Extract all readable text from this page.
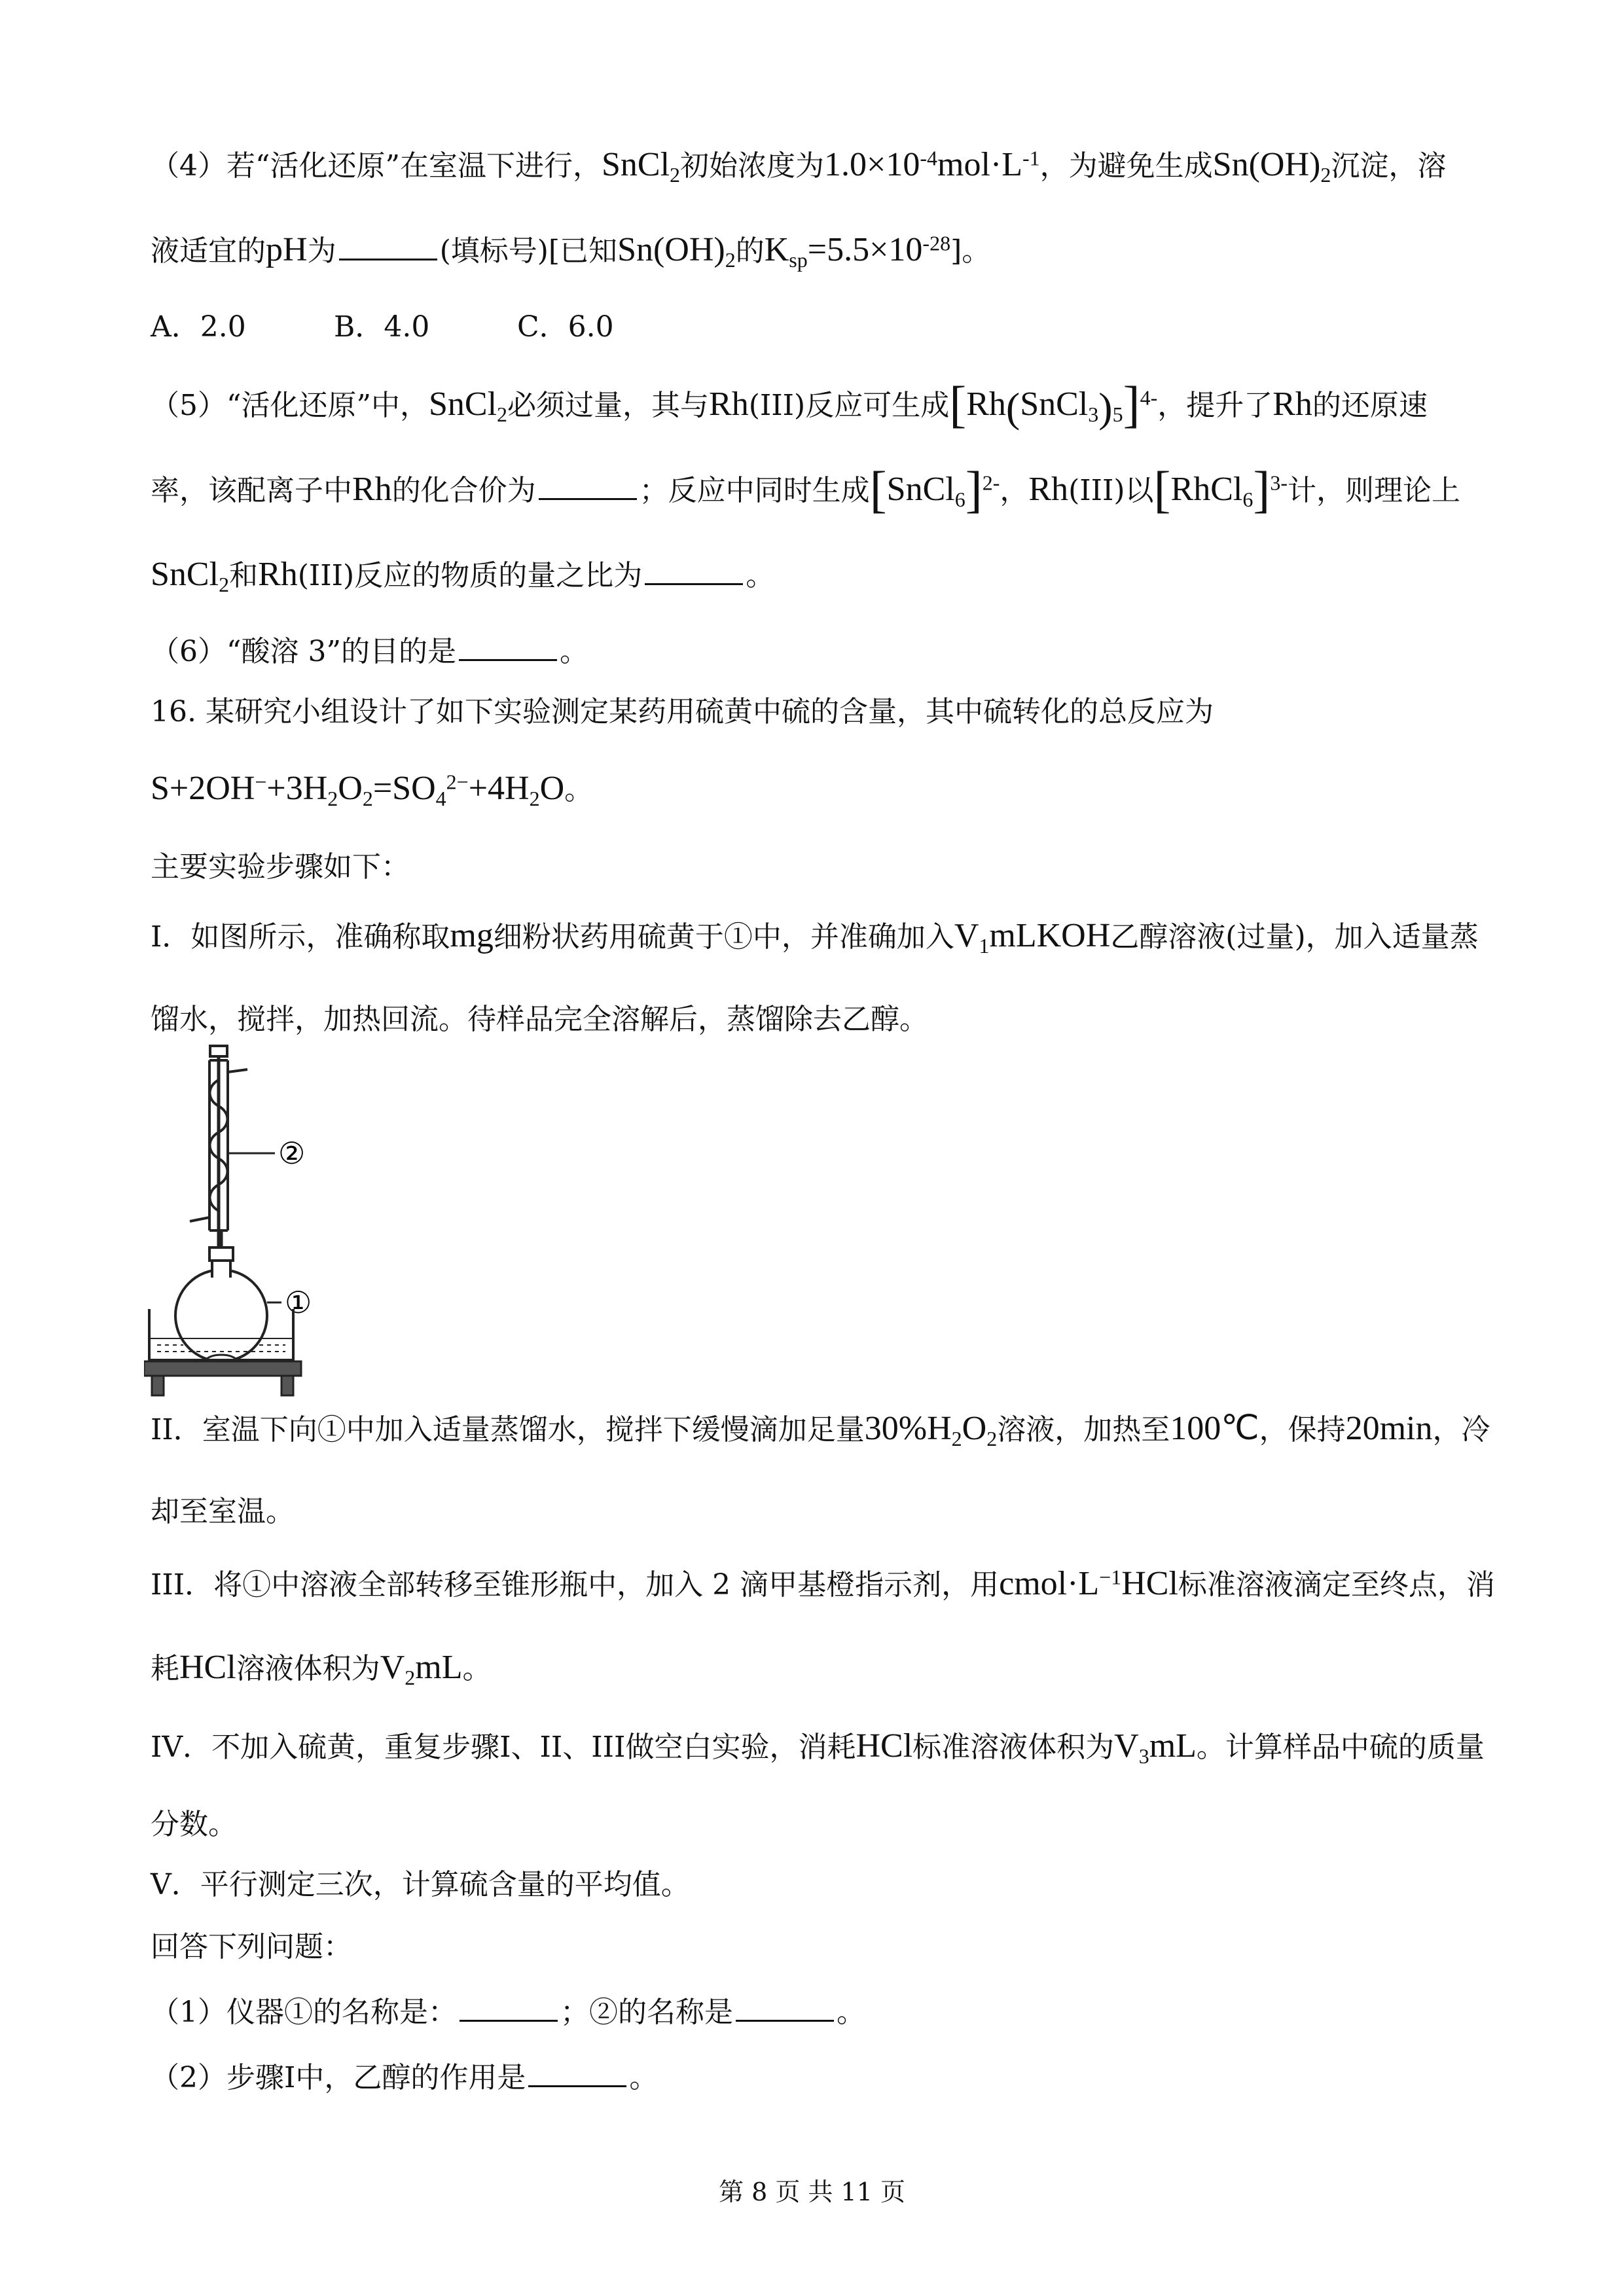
（4）若“活化还原”在室温下进行，SnCl$_2$初始浓度为$1.0\times 10^{-4}mol\cdot L^{-1}$，为避免生成$Sn(OH)_2$沉淀，溶
液适宜的pH为	(填标号)[已知$Sn(OH)_2$的$K_{sp}=5.5\times 10^{-28}$]。
A．2.0	B．4.0	C．6.0
（5）“活化还原”中，SnCl$_2$必须过量，其与Rh(III)反应可生成$[Rh(SnCl_3)_5]^{4-}$，提升了Rh的还原速
率，该配离子中Rh的化合价为	；反应中同时生成[SnCl$_6$]$^{2-}$，Rh(III)以[RhCl$_6$]$^{3-}$计，则理论上
SnCl$_2$和Rh(III)反应的物质的量之比为	。
（6）“酸溶 3”的目的是	。
16. 某研究小组设计了如下实验测定某药用硫黄中硫的含量，其中硫转化的总反应为
$S+2OH^-+3H_2O_2=SO_4^{2-}+4H_2O$。
主要实验步骤如下：
I．如图所示，准确称取mg细粉状药用硫黄于①中，并准确加入$V_1mLKOH$乙醇溶液(过量)，加入适量蒸
馏水，搅拌，加热回流。待样品完全溶解后，蒸馏除去乙醇。
②
①
II．室温下向①中加入适量蒸馏水，搅拌下缓慢滴加足量$30\%H_2O_2$溶液，加热至100℃，保持20min，冷
却至室温。
III．将①中溶液全部转移至锥形瓶中，加入 2 滴甲基橙指示剂，用$cmol\cdot L^{-1}HCl$标准溶液滴定至终点，消
耗HCl溶液体积为$V_2mL$。
IV．不加入硫黄，重复步骤I、II、III做空白实验，消耗HCl标准溶液体积为$V_3mL$。计算样品中硫的质量
分数。
V．平行测定三次，计算硫含量的平均值。
回答下列问题：
（1）仪器①的名称是：	；②的名称是	。
（2）步骤I中，乙醇的作用是	。
第 8 页 共 11 页
